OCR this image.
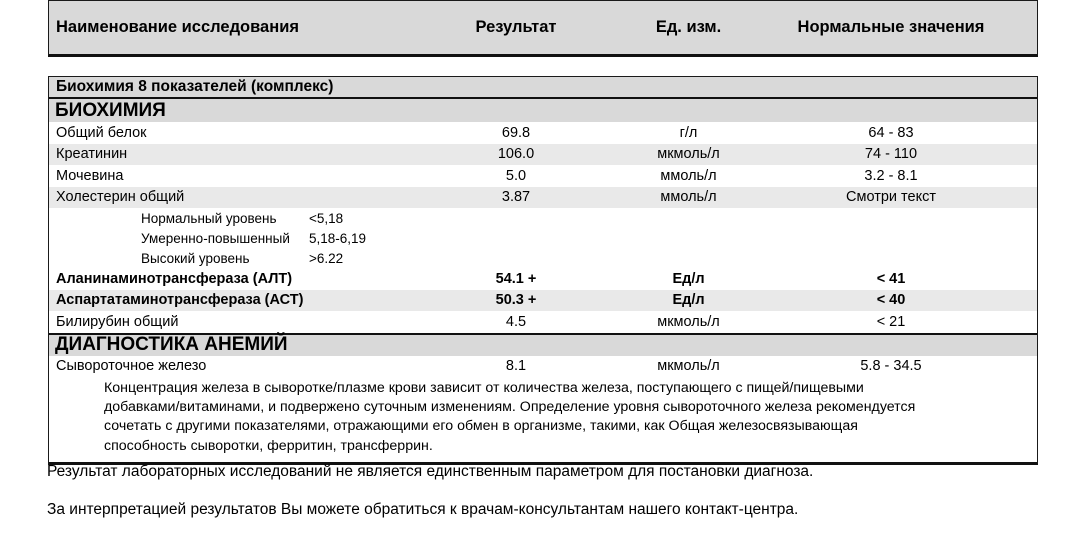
Наименование исследования	Результат	Ед. изм.	Нормальные значения
Биохимия 8 показателей (комплекс)
БИОХИМИЯ
Общий белок	69.8	г/л	64 - 83
Креатинин	106.0	мкмоль/л	74 - 110
Мочевина	5.0	ммоль/л	3.2 - 8.1
Холестерин общий	3.87	ммоль/л	Смотри текст
Нормальный уровень	<5,18
Умеренно-повышенный	5,18-6,19
Высокий уровень	>6.22
Аланинаминотрансфераза (АЛТ)	54.1 +	Ед/л	< 41
Аспартатаминотрансфераза (АСТ)	50.3 +	Ед/л	< 40
Билирубин общий	4.5	мкмоль/л	< 21
ДИАГНОСТИКА АНЕМИЙ
Сывороточное железо	8.1	мкмоль/л	5.8 - 34.5
Концентрация железа в сыворотке/плазме крови зависит от количества железа, поступающего с пищей/пищевыми
добавками/витаминами, и подвержено суточным изменениям. Определение уровня сывороточного железа рекомендуется
сочетать с другими показателями, отражающими его обмен в организме, такими, как Общая железосвязывающая
способность сыворотки, ферритин, трансферрин.
Результат лабораторных исследований не является единственным параметром для постановки диагноза.
За интерпретацией результатов Вы можете обратиться к врачам-консультантам нашего контакт-центра.
